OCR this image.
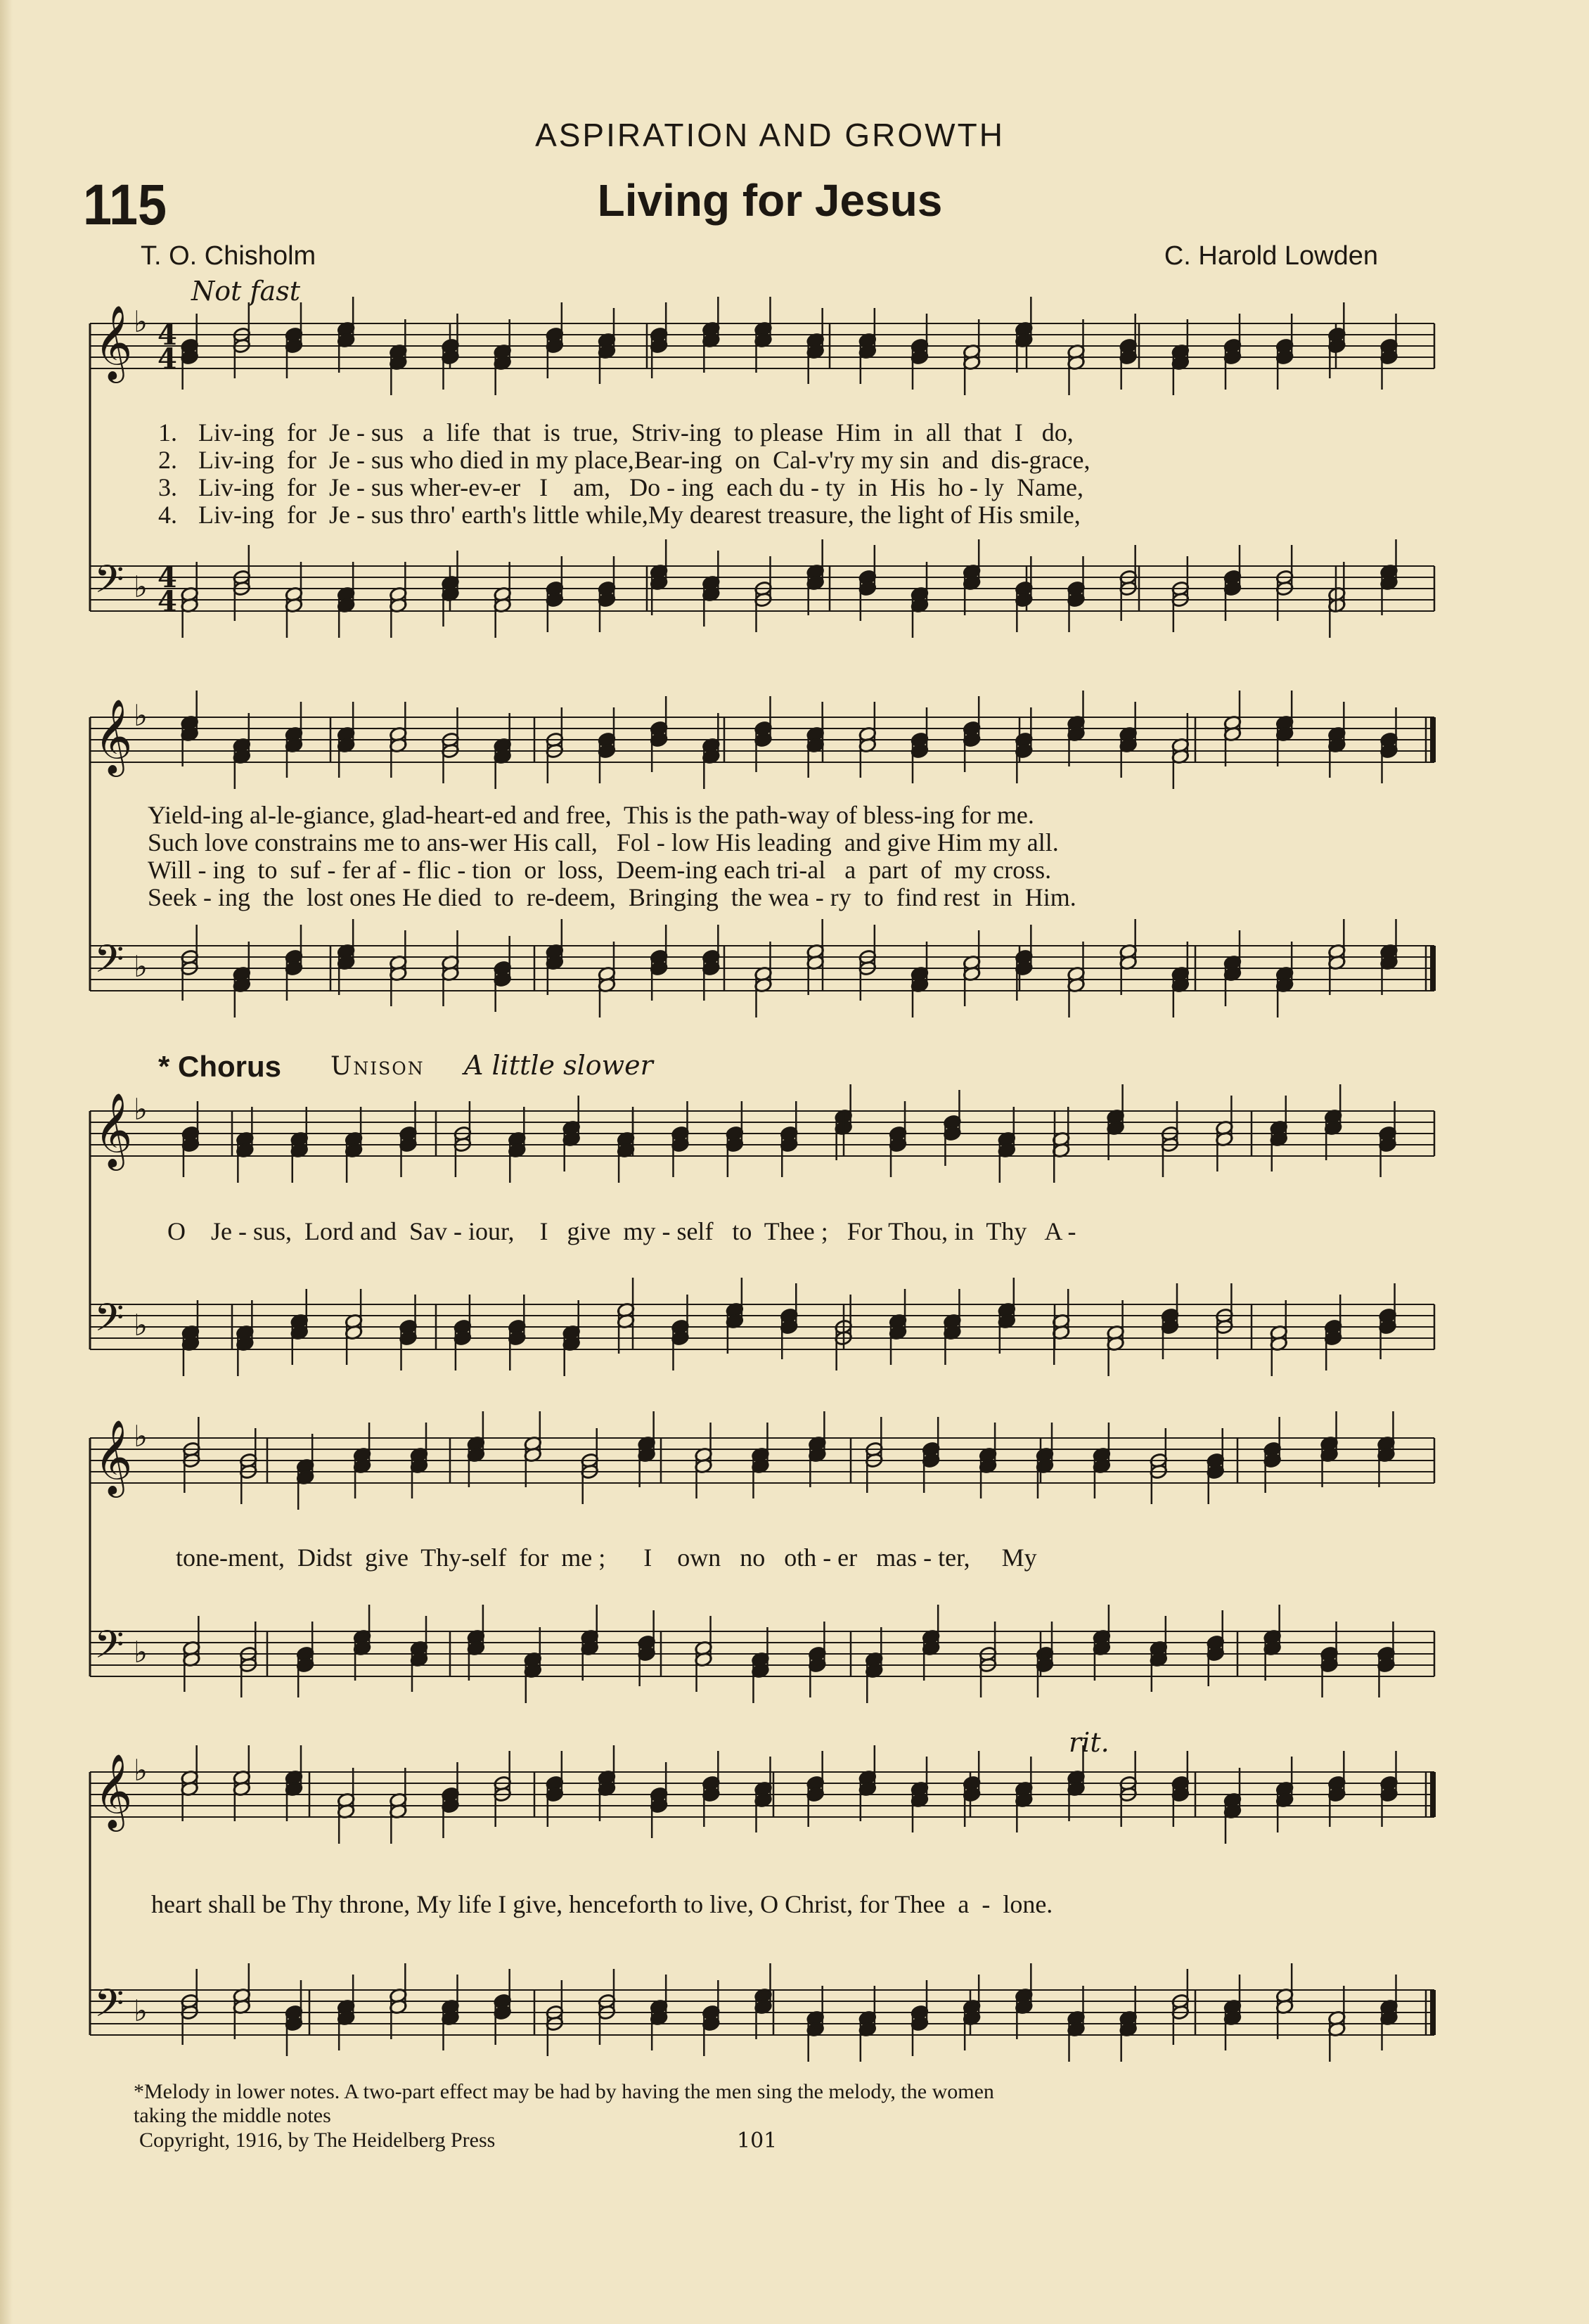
ASPIRATION AND GROWTH
115	Living for Jesus
T. O. Chisholm	C. Harold Lowden
Not fast
𝄞 ♭ 4
4
𝄢 ♭ 4
4
1. Liv-ing  for  Je - sus   a  life  that  is  true,  Striv-ing  to please  Him  in  all  that  I   do,
2. Liv-ing  for  Je - sus who died in my place,Bear-ing  on  Cal-v'ry my sin  and  dis-grace,
3. Liv-ing  for  Je - sus wher-ev-er   I    am,   Do - ing  each du - ty  in  His  ho - ly  Name,
4. Liv-ing  for  Je - sus thro' earth's little while,My dearest treasure, the light of His smile,
𝄞 ♭
𝄢 ♭
Yield-ing al-le-giance, glad-heart-ed and free,  This is the path-way of bless-ing for me.
Such love constrains me to ans-wer His call,   Fol - low His leading  and give Him my all.
Will - ing  to  suf - fer af - flic - tion  or  loss,  Deem-ing each tri-al   a  part  of  my cross.
Seek - ing  the  lost ones He died  to  re-deem,  Bringing  the wea - ry  to  find rest  in  Him.
* Chorus Unison A little slower
𝄞 ♭
𝄢 ♭
O    Je - sus,  Lord and  Sav - iour,    I   give  my - self   to  Thee ;   For Thou, in  Thy   A -
𝄞 ♭
𝄢 ♭
tone-ment,  Didst  give  Thy-self  for  me ;      I    own   no   oth - er   mas - ter,     My
rit.
𝄞 ♭
𝄢 ♭
heart shall be Thy throne, My life I give, henceforth to live, O Christ, for Thee  a  -  lone.
*Melody in lower notes. A two-part effect may be had by having the men sing the melody, the women
taking the middle notes
Copyright, 1916, by The Heidelberg Press	101
